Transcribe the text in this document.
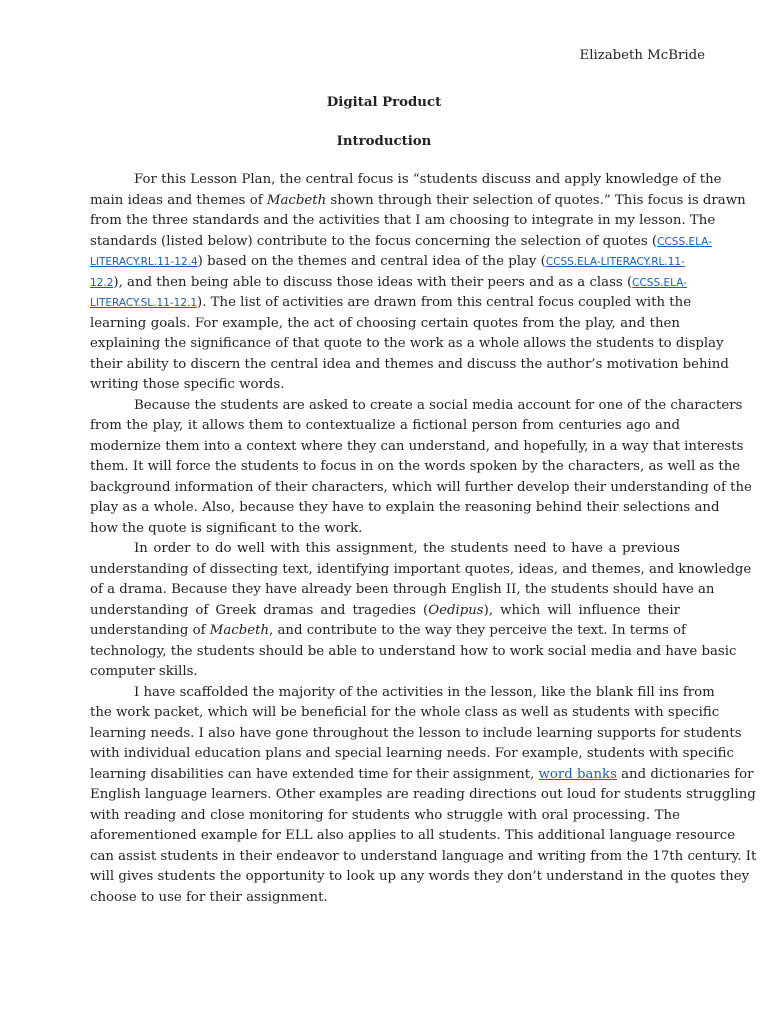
Elizabeth McBride
Digital Product
Introduction
For this Lesson Plan, the central focus is “students discuss and apply knowledge of the
main ideas and themes of Macbeth shown through their selection of quotes.” This focus is drawn
from the three standards and the activities that I am choosing to integrate in my lesson. The
standards (listed below) contribute to the focus concerning the selection of quotes (CCSS.ELA-
LITERACY.RL.11-12.4) based on the themes and central idea of the play (CCSS.ELA-LITERACY.RL.11-
12.2), and then being able to discuss those ideas with their peers and as a class (CCSS.ELA-
LITERACY.SL.11-12.1). The list of activities are drawn from this central focus coupled with the
learning goals. For example, the act of choosing certain quotes from the play, and then
explaining the significance of that quote to the work as a whole allows the students to display
their ability to discern the central idea and themes and discuss the author’s motivation behind
writing those specific words.
Because the students are asked to create a social media account for one of the characters
from the play, it allows them to contextualize a fictional person from centuries ago and
modernize them into a context where they can understand, and hopefully, in a way that interests
them. It will force the students to focus in on the words spoken by the characters, as well as the
background information of their characters, which will further develop their understanding of the
play as a whole. Also, because they have to explain the reasoning behind their selections and
how the quote is significant to the work.
In order to do well with this assignment, the students need to have a previous
understanding of dissecting text, identifying important quotes, ideas, and themes, and knowledge
of a drama. Because they have already been through English II, the students should have an
understanding of Greek dramas and tragedies (Oedipus), which will influence their
understanding of Macbeth, and contribute to the way they perceive the text. In terms of
technology, the students should be able to understand how to work social media and have basic
computer skills.
I have scaffolded the majority of the activities in the lesson, like the blank fill ins from
the work packet, which will be beneficial for the whole class as well as students with specific
learning needs. I also have gone throughout the lesson to include learning supports for students
with individual education plans and special learning needs. For example, students with specific
learning disabilities can have extended time for their assignment, word banks and dictionaries for
English language learners. Other examples are reading directions out loud for students struggling
with reading and close monitoring for students who struggle with oral processing. The
aforementioned example for ELL also applies to all students. This additional language resource
can assist students in their endeavor to understand language and writing from the 17th century. It
will gives students the opportunity to look up any words they don’t understand in the quotes they
choose to use for their assignment.
